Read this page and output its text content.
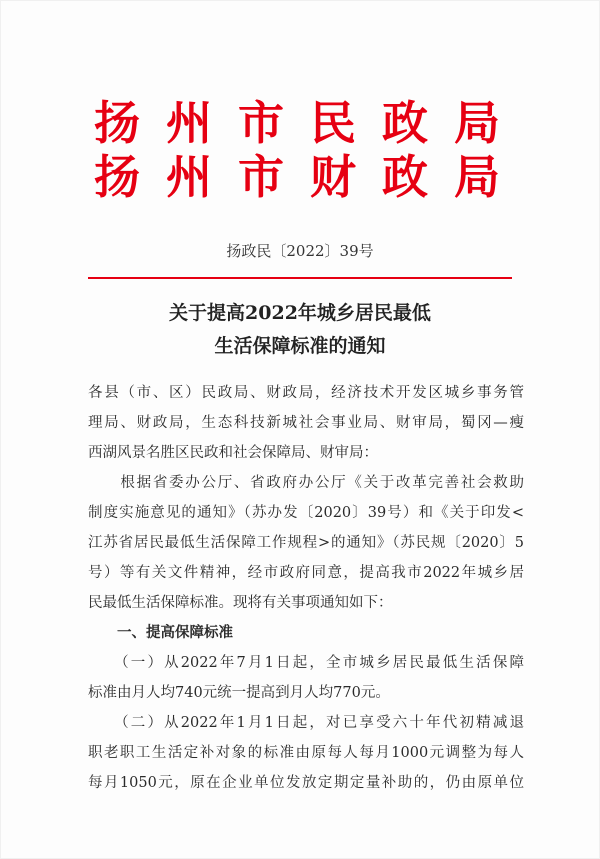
扬州市民政局
扬州市财政局
扬政民〔2022〕39号
关于提高2022年城乡居民最低
生活保障标准的通知
各县（市、区）民政局、财政局，经济技术开发区城乡事务管
理局、财政局，生态科技新城社会事业局、财审局，蜀冈—瘦
西湖风景名胜区民政和社会保障局、财审局：
　　根据省委办公厅、省政府办公厅《关于改革完善社会救助
制度实施意见的通知》（苏办发〔2020〕39号）和《关于印发<
江苏省居民最低生活保障工作规程>的通知》（苏民规〔2020〕5
号）等有关文件精神，经市政府同意，提高我市2022年城乡居
民最低生活保障标准。现将有关事项通知如下：
一、提高保障标准
　　（一）从2022年7月1日起，全市城乡居民最低生活保障
标准由月人均740元统一提高到月人均770元。
　　（二）从2022年1月1日起，对已享受六十年代初精减退
职老职工生活定补对象的标准由原每人每月1000元调整为每人
每月1050元，原在企业单位发放定期定量补助的，仍由原单位
